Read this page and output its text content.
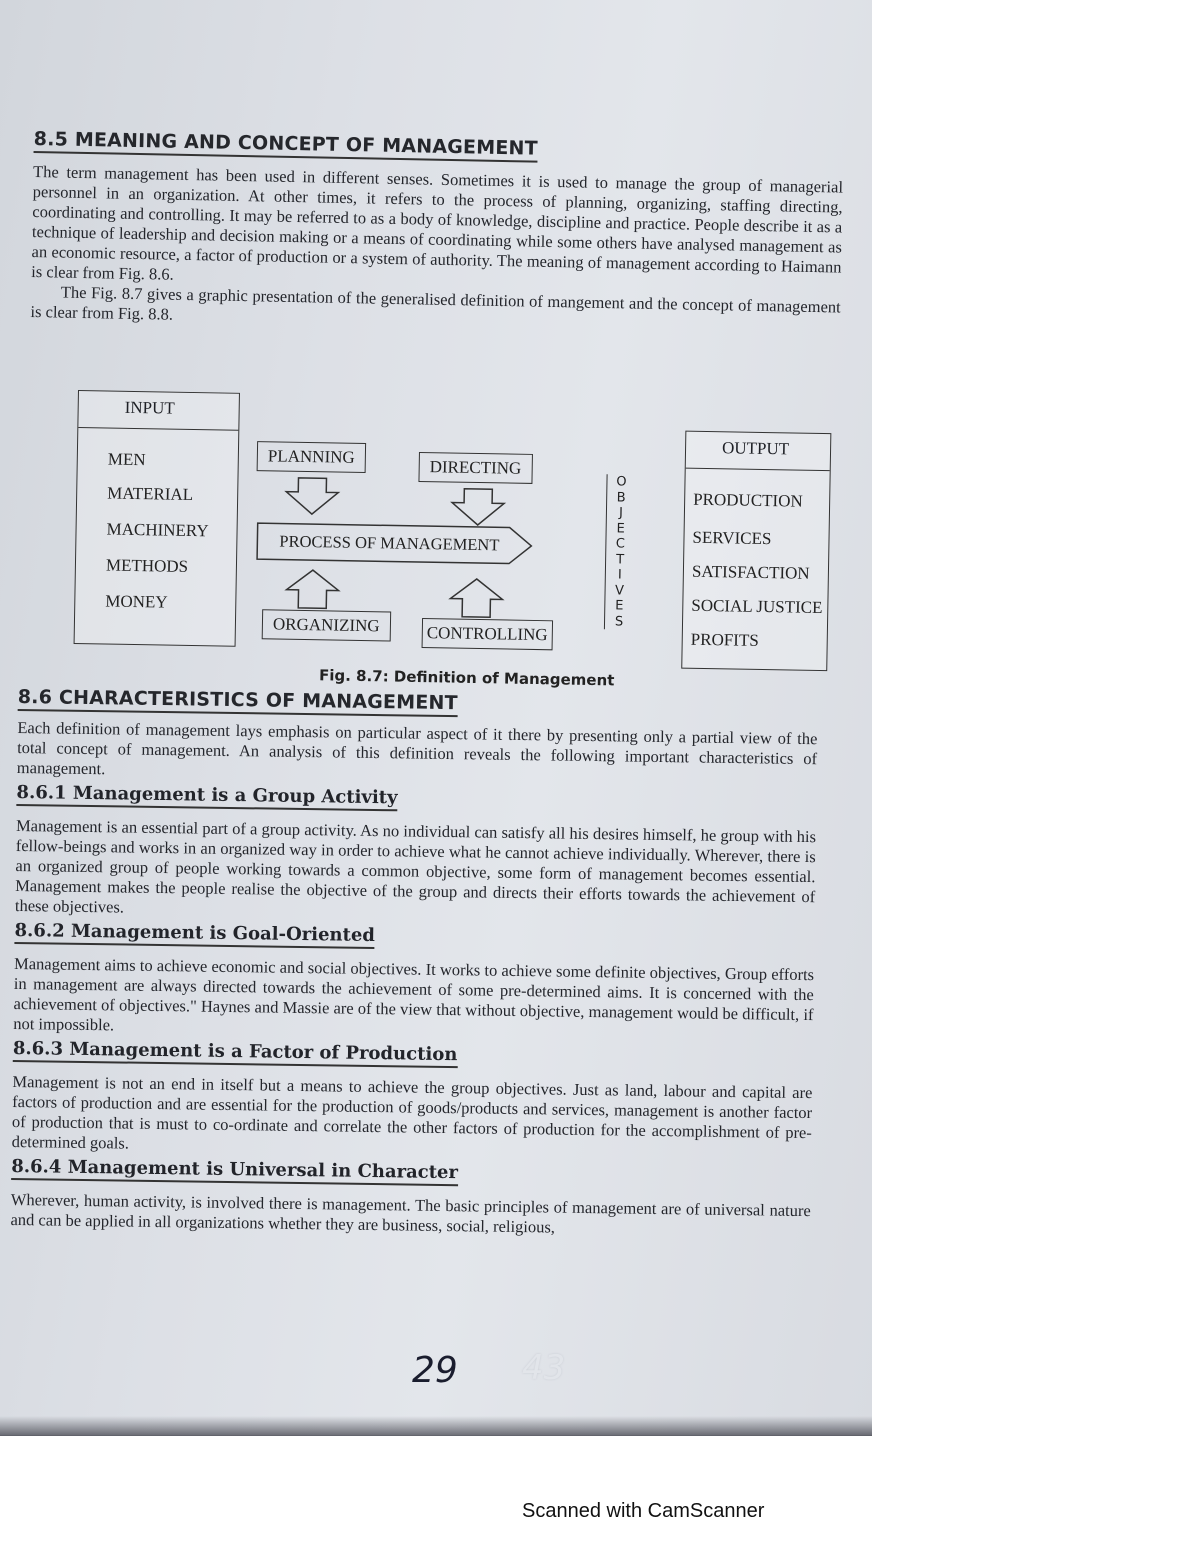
8.5 MEANING AND CONCEPT OF MANAGEMENT

The term management has been used in different senses. Sometimes it is used to manage the group of managerial personnel in an organization. At other times, it refers to the process of planning, organizing, staffing directing, coordinating and controlling. It may be referred to as a body of knowledge, discipline and practice. People describe it as a technique of leadership and decision making or a means of coordinating while some others have analysed management as an economic resource, a factor of production or a system of authority. The meaning of management according to Haimann is clear from Fig. 8.6.

The Fig. 8.7 gives a graphic presentation of the generalised definition of mangement and the concept of management is clear from Fig. 8.8.

INPUT
MEN
MATERIAL
MACHINERY
METHODS
MONEY
PLANNING
DIRECTING
PROCESS OF MANAGEMENT
ORGANIZING	CONTROLLING
O
B
J
E
C
T
I
V
E
S
OUTPUT
PRODUCTION
SERVICES
SATISFACTION
SOCIAL JUSTICE
PROFITS
Fig. 8.7: Definition of Management
8.6 CHARACTERISTICS OF MANAGEMENT

Each definition of management lays emphasis on particular aspect of it there by presenting only a partial view of the total concept of management. An analysis of this definition reveals the following important characteristics of management.

8.6.1 Management is a Group Activity

Management is an essential part of a group activity. As no individual can satisfy all his desires himself, he group with his fellow-beings and works in an organized way in order to achieve what he cannot achieve individually. Wherever, there is an organized group of people working towards a common objective, some form of management becomes essential. Management makes the people realise the objective of the group and directs their efforts towards the achievement of these objectives.

8.6.2 Management is Goal-Oriented

Management aims to achieve economic and social objectives. It works to achieve some definite objectives, Group efforts in management are always directed towards the achievement of some pre-determined aims. It is concerned with the achievement of objectives." Haynes and Massie are of the view that without objective, management would be difficult, if not impossible.

8.6.3 Management is a Factor of Production

Management is not an end in itself but a means to achieve the group objectives. Just as land, labour and capital are factors of production and are essential for the production of goods/products and services, management is another factor of production that is must to co-ordinate and correlate the other factors of production for the accomplishment of pre-determined goals.

8.6.4 Management is Universal in Character

Wherever, human activity, is involved there is management. The basic principles of management are of universal nature and can be applied in all organizations whether they are business, social, religious,

29 43
Scanned with CamScanner
